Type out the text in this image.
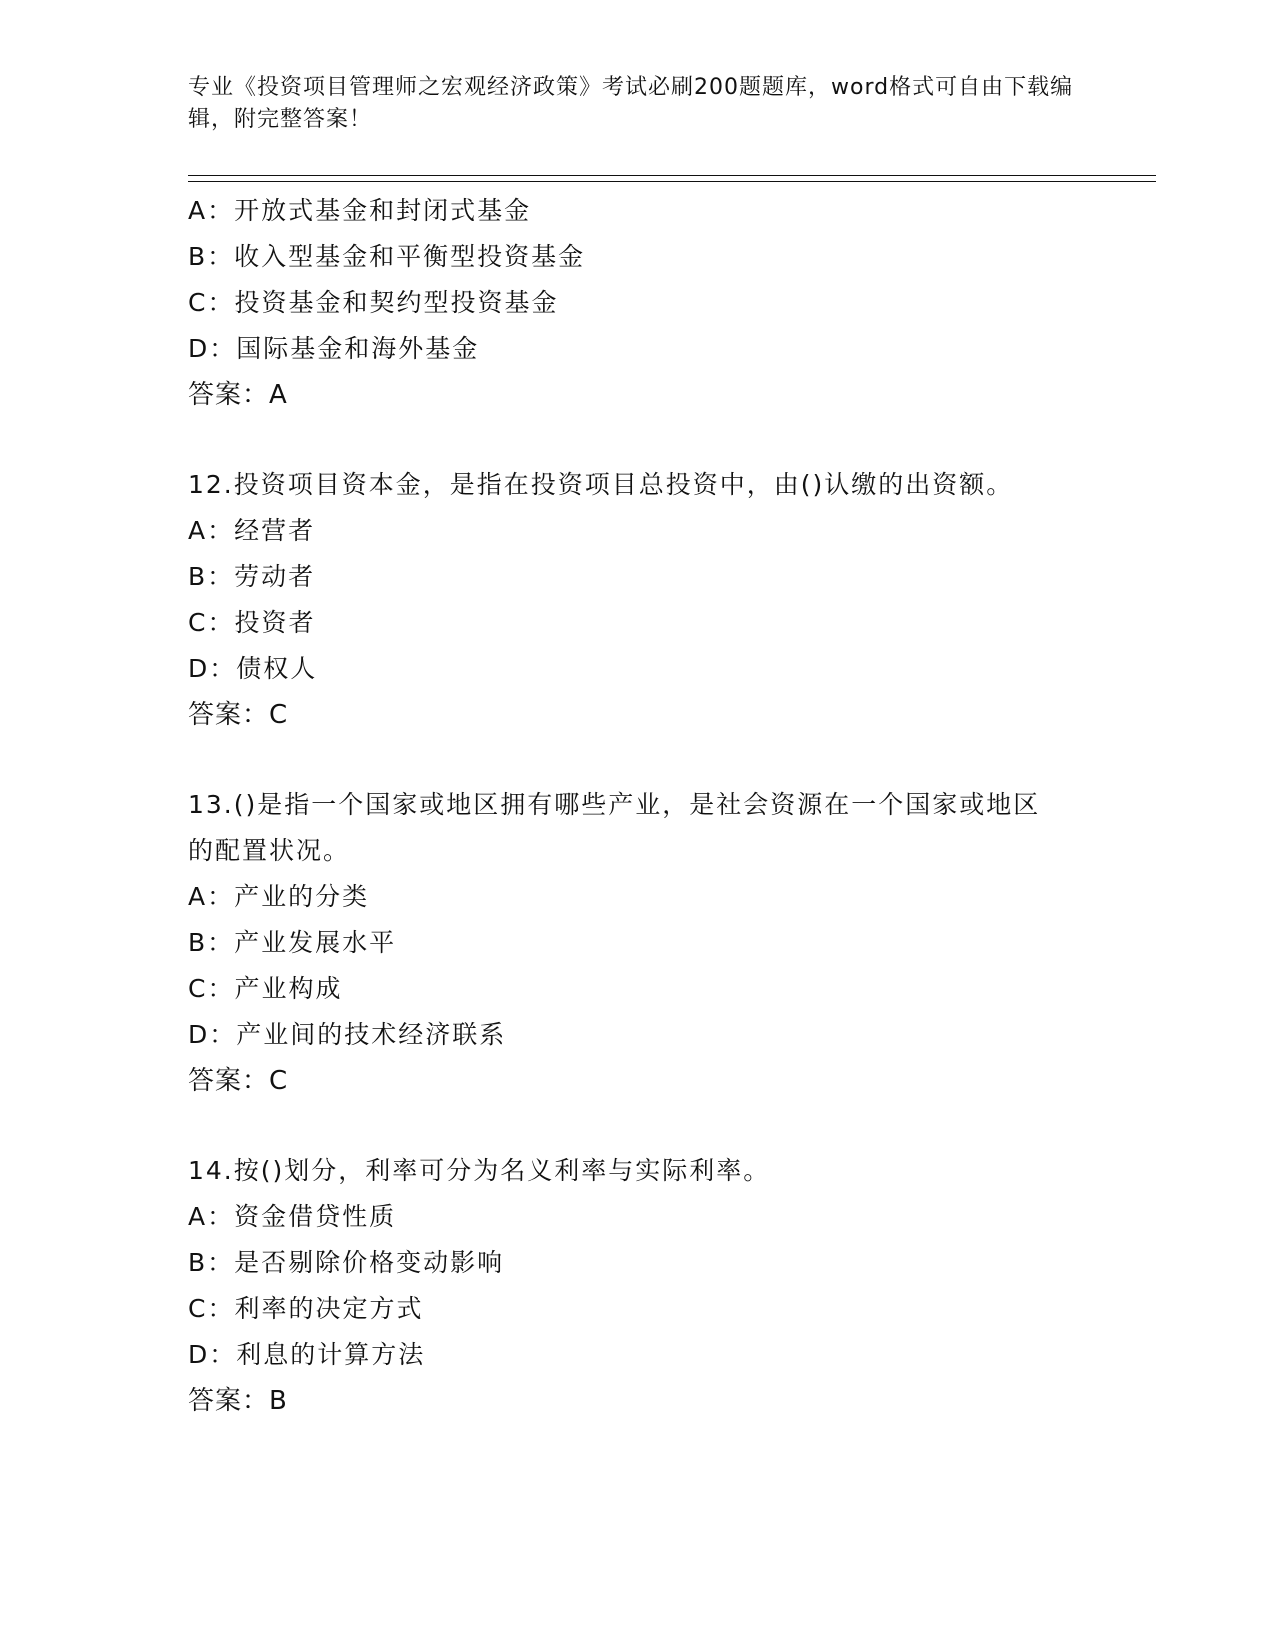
专业《投资项目管理师之宏观经济政策》考试必刷200题题库，word格式可自由下载编辑，附完整答案！
A：开放式基金和封闭式基金
B：收入型基金和平衡型投资基金
C：投资基金和契约型投资基金
D：国际基金和海外基金
答案：A
12.投资项目资本金，是指在投资项目总投资中，由()认缴的出资额。
A：经营者
B：劳动者
C：投资者
D：债权人
答案：C
13.()是指一个国家或地区拥有哪些产业，是社会资源在一个国家或地区的配置状况。
A：产业的分类
B：产业发展水平
C：产业构成
D：产业间的技术经济联系
答案：C
14.按()划分，利率可分为名义利率与实际利率。
A：资金借贷性质
B：是否剔除价格变动影响
C：利率的决定方式
D：利息的计算方法
答案：B
